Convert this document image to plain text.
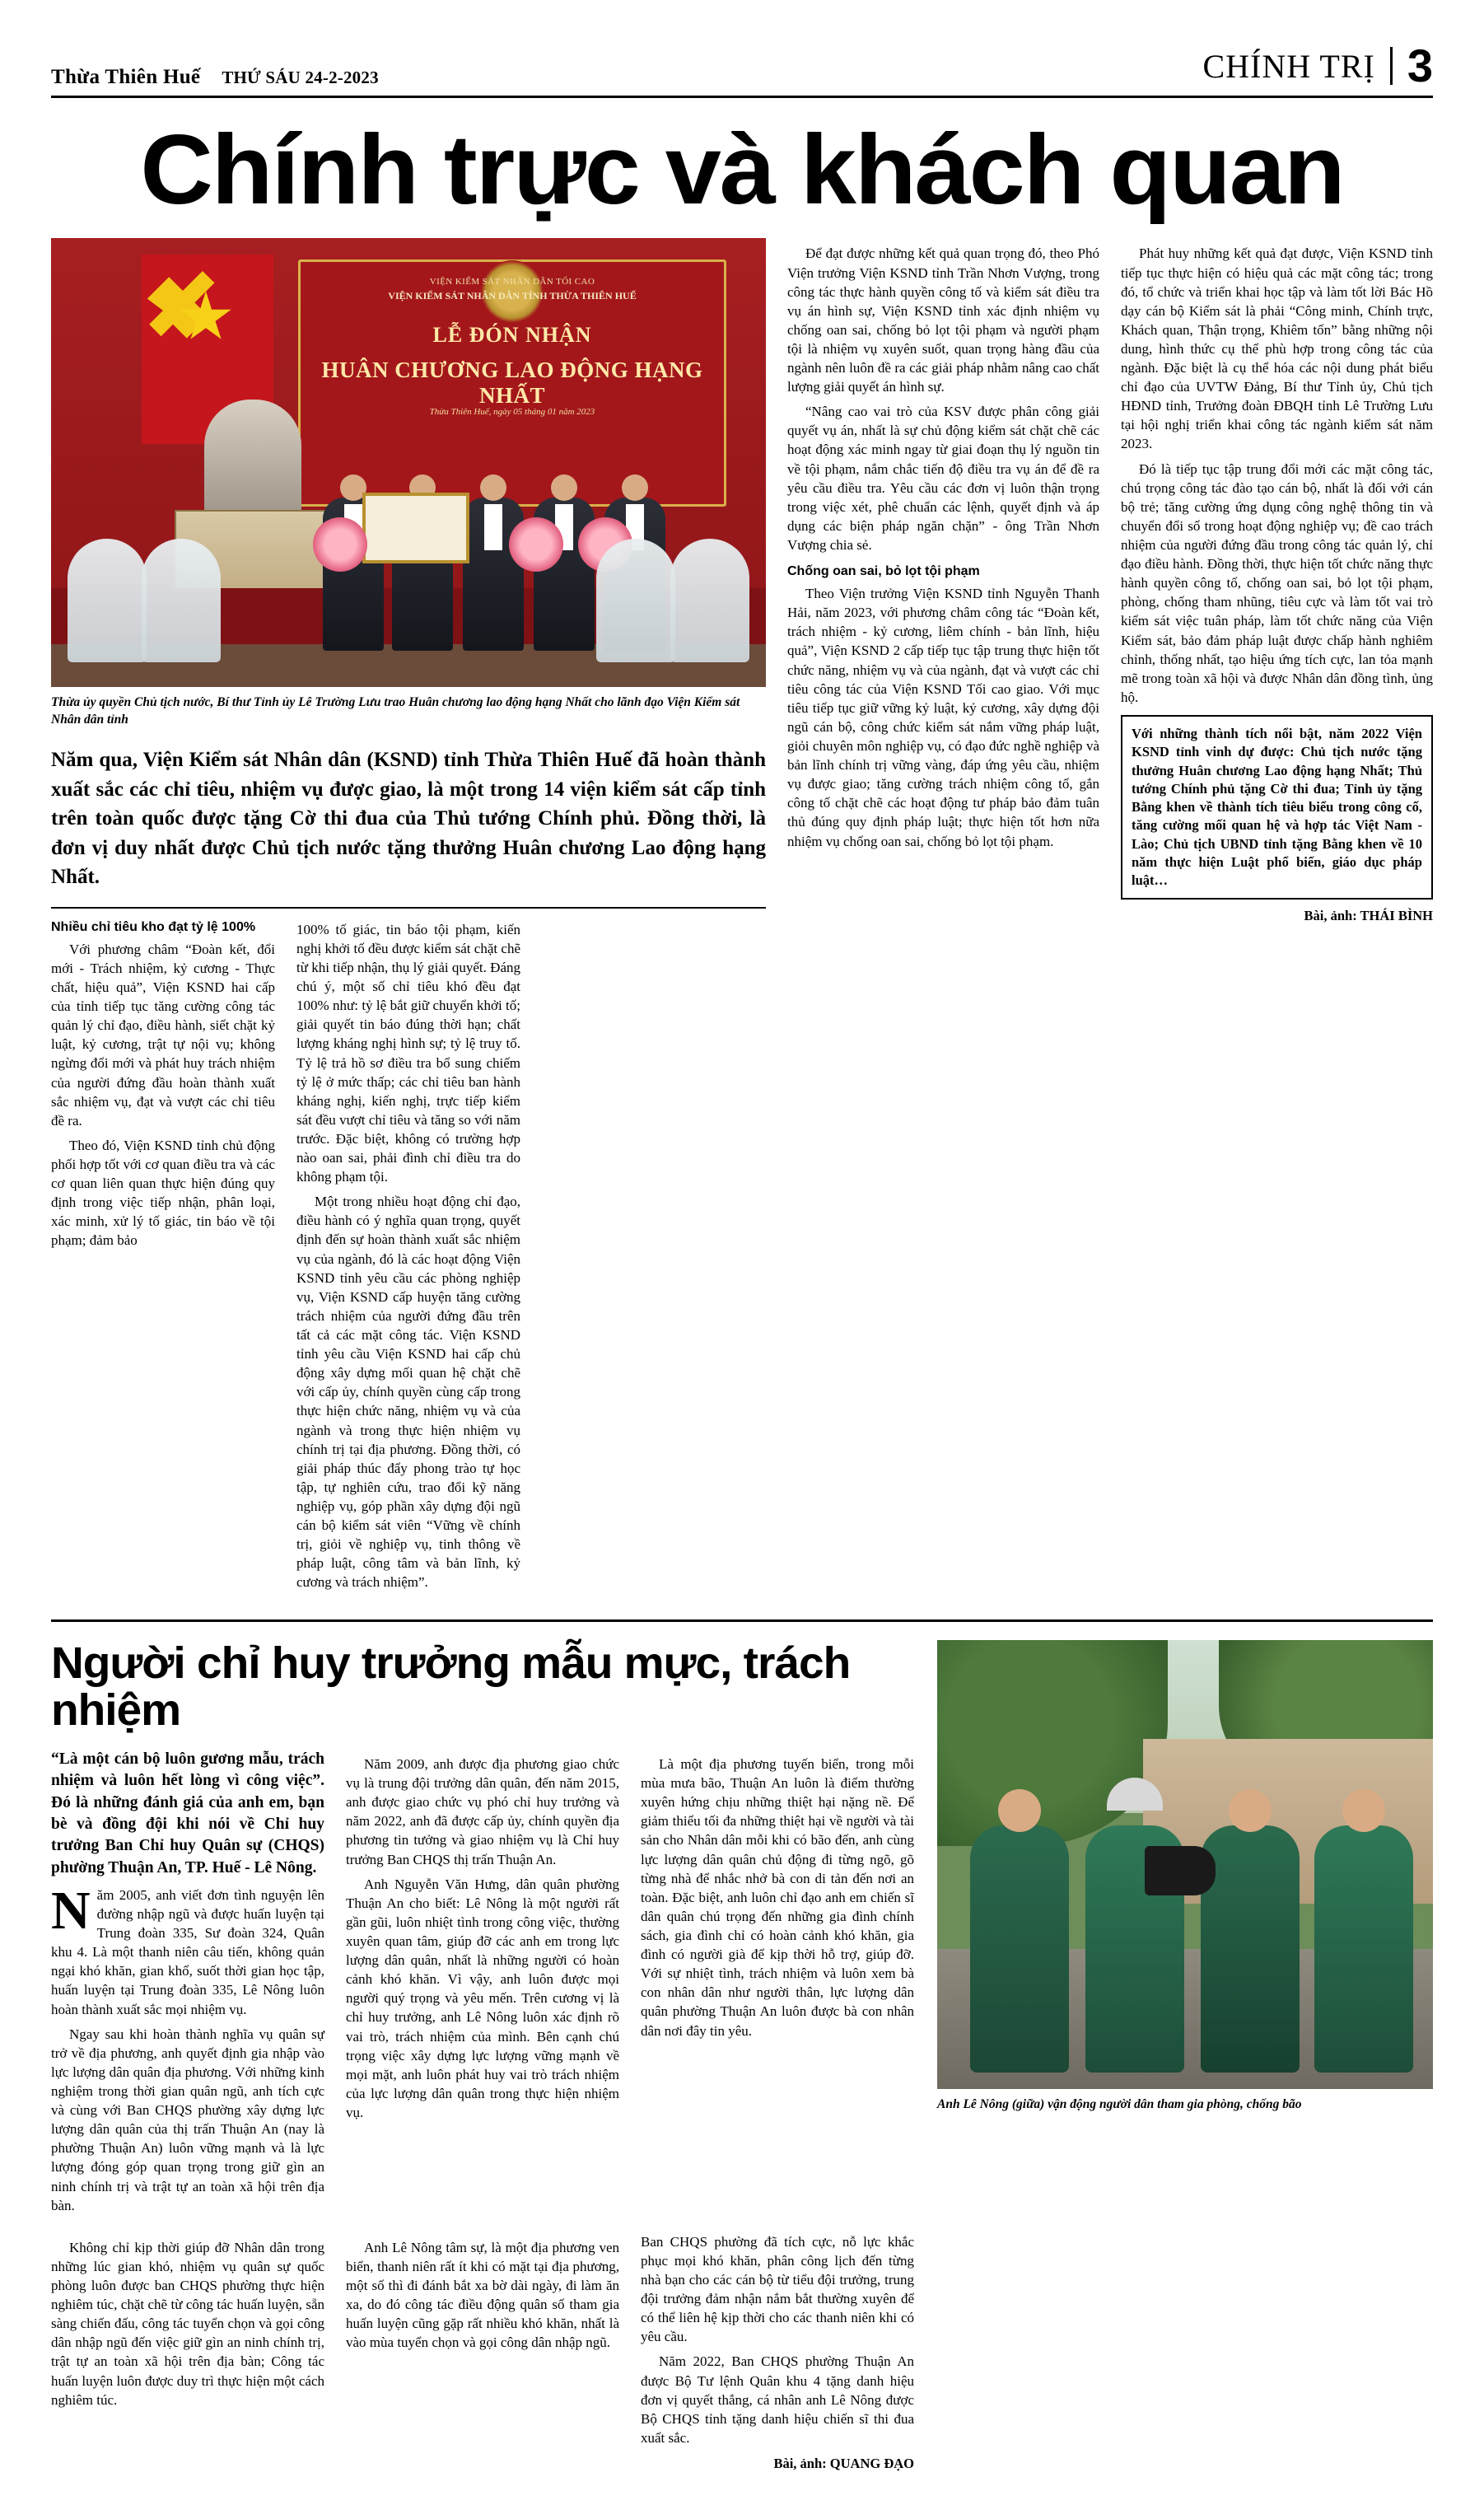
Thừa Thiên Huế THỨ SÁU 24-2-2023	CHÍNH TRỊ 3
Chính trực và khách quan
VIỆN KIỂM SÁT NHÂN DÂN TỐI CAO
VIỆN KIỂM SÁT NHÂN DÂN TỈNH THỪA THIÊN HUẾ
LỄ ĐÓN NHẬN
HUÂN CHƯƠNG LAO ĐỘNG HẠNG NHẤT
Thừa Thiên Huế, ngày 05 tháng 01 năm 2023
Thừa ủy quyền Chủ tịch nước, Bí thư Tỉnh ủy Lê Trường Lưu trao Huân chương lao động hạng Nhất cho lãnh đạo Viện Kiểm sát Nhân dân tỉnh
Năm qua, Viện Kiểm sát Nhân dân (KSND) tỉnh Thừa Thiên Huế đã hoàn thành xuất sắc các chỉ tiêu, nhiệm vụ được giao, là một trong 14 viện kiểm sát cấp tỉnh trên toàn quốc được tặng Cờ thi đua của Thủ tướng Chính phủ. Đồng thời, là đơn vị duy nhất được Chủ tịch nước tặng thưởng Huân chương Lao động hạng Nhất.
Nhiều chỉ tiêu kho đạt tỷ lệ 100%

Với phương châm “Đoàn kết, đổi mới - Trách nhiệm, kỷ cương - Thực chất, hiệu quả”, Viện KSND hai cấp của tỉnh tiếp tục tăng cường công tác quản lý chỉ đạo, điều hành, siết chặt kỷ luật, kỷ cương, trật tự nội vụ; không ngừng đổi mới và phát huy trách nhiệm của người đứng đầu hoàn thành xuất sắc nhiệm vụ, đạt và vượt các chỉ tiêu đề ra.

Theo đó, Viện KSND tỉnh chủ động phối hợp tốt với cơ quan điều tra và các cơ quan liên quan thực hiện đúng quy định trong việc tiếp nhận, phân loại, xác minh, xử lý tố giác, tin báo về tội phạm; đảm bảo

100% tố giác, tin báo tội phạm, kiến nghị khởi tố đều được kiểm sát chặt chẽ từ khi tiếp nhận, thụ lý giải quyết. Đáng chú ý, một số chỉ tiêu khó đều đạt 100% như: tỷ lệ bắt giữ chuyển khởi tố; giải quyết tin báo đúng thời hạn; chất lượng kháng nghị hình sự; tỷ lệ truy tố. Tỷ lệ trả hồ sơ điều tra bổ sung chiếm tỷ lệ ở mức thấp; các chỉ tiêu ban hành kháng nghị, kiến nghị, trực tiếp kiểm sát đều vượt chỉ tiêu và tăng so với năm trước. Đặc biệt, không có trường hợp nào oan sai, phải đình chỉ điều tra do không phạm tội.

Một trong nhiều hoạt động chỉ đạo, điều hành có ý nghĩa quan trọng, quyết định đến sự hoàn thành xuất sắc nhiệm vụ của ngành, đó là các hoạt động Viện KSND tỉnh yêu cầu các phòng nghiệp vụ, Viện KSND cấp huyện tăng cường trách nhiệm của người đứng đầu trên tất cả các mặt công tác. Viện KSND tỉnh yêu cầu Viện KSND hai cấp chủ động xây dựng mối quan hệ chặt chẽ với cấp ủy, chính quyền cùng cấp trong thực hiện chức năng, nhiệm vụ và của ngành và trong thực hiện nhiệm vụ chính trị tại địa phương. Đồng thời, có giải pháp thúc đẩy phong trào tự học tập, tự nghiên cứu, trao đổi kỹ năng nghiệp vụ, góp phần xây dựng đội ngũ cán bộ kiểm sát viên “Vững về chính trị, giỏi về nghiệp vụ, tinh thông về pháp luật, công tâm và bản lĩnh, kỷ cương và trách nhiệm”.

Để đạt được những kết quả quan trọng đó, theo Phó Viện trưởng Viện KSND tỉnh Trần Nhơn Vượng, trong công tác thực hành quyền công tố và kiểm sát điều tra vụ án hình sự, Viện KSND tỉnh xác định nhiệm vụ chống oan sai, chống bỏ lọt tội phạm và người phạm tội là nhiệm vụ xuyên suốt, quan trọng hàng đầu của ngành nên luôn đề ra các giải pháp nhằm nâng cao chất lượng giải quyết án hình sự.

“Nâng cao vai trò của KSV được phân công giải quyết vụ án, nhất là sự chủ động kiểm sát chặt chẽ các hoạt động xác minh ngay từ giai đoạn thụ lý nguồn tin về tội phạm, nắm chắc tiến độ điều tra vụ án để đề ra yêu cầu điều tra. Yêu cầu các đơn vị luôn thận trọng trong việc xét, phê chuẩn các lệnh, quyết định và áp dụng các biện pháp ngăn chặn” - ông Trần Nhơn Vượng chia sẻ.

Chống oan sai, bỏ lọt tội phạm

Theo Viện trưởng Viện KSND tỉnh Nguyễn Thanh Hải, năm 2023, với phương châm công tác “Đoàn kết, trách nhiệm - kỷ cương, liêm chính - bản lĩnh, hiệu quả”, Viện KSND 2 cấp tiếp tục tập trung thực hiện tốt chức năng, nhiệm vụ và của ngành, đạt và vượt các chỉ tiêu công tác của Viện KSND Tối cao giao. Với mục tiêu tiếp tục giữ vững kỷ luật, kỷ cương, xây dựng đội ngũ cán bộ, công chức kiểm sát nắm vững pháp luật, giỏi chuyên môn nghiệp vụ, có đạo đức nghề nghiệp và bản lĩnh chính trị vững vàng, đáp ứng yêu cầu, nhiệm vụ được giao; tăng cường trách nhiệm công tố, gắn công tố chặt chẽ các hoạt động tư pháp bảo đảm tuân thủ đúng quy định pháp luật; thực hiện tốt hơn nữa nhiệm vụ chống oan sai, chống bỏ lọt tội phạm.

Phát huy những kết quả đạt được, Viện KSND tỉnh tiếp tục thực hiện có hiệu quả các mặt công tác; trong đó, tổ chức và triển khai học tập và làm tốt lời Bác Hồ dạy cán bộ Kiểm sát là phải “Công minh, Chính trực, Khách quan, Thận trọng, Khiêm tốn” bằng những nội dung, hình thức cụ thể phù hợp trong công tác của ngành. Đặc biệt là cụ thể hóa các nội dung phát biểu chỉ đạo của UVTW Đảng, Bí thư Tỉnh ủy, Chủ tịch HĐND tỉnh, Trưởng đoàn ĐBQH tỉnh Lê Trường Lưu tại hội nghị triển khai công tác ngành kiểm sát năm 2023.

Đó là tiếp tục tập trung đổi mới các mặt công tác, chú trọng công tác đào tạo cán bộ, nhất là đối với cán bộ trẻ; tăng cường ứng dụng công nghệ thông tin và chuyển đổi số trong hoạt động nghiệp vụ; đề cao trách nhiệm của người đứng đầu trong công tác quản lý, chỉ đạo điều hành. Đồng thời, thực hiện tốt chức năng thực hành quyền công tố, chống oan sai, bỏ lọt tội phạm, phòng, chống tham nhũng, tiêu cực và làm tốt vai trò kiểm sát việc tuân pháp, làm tốt chức năng của Viện Kiểm sát, bảo đảm pháp luật được chấp hành nghiêm chỉnh, thống nhất, tạo hiệu ứng tích cực, lan tỏa mạnh mẽ trong toàn xã hội và được Nhân dân đồng tình, ủng hộ.

Với những thành tích nổi bật, năm 2022 Viện KSND tỉnh vinh dự được: Chủ tịch nước tặng thưởng Huân chương Lao động hạng Nhất; Thủ tướng Chính phủ tặng Cờ thi đua; Tỉnh ủy tặng Bằng khen về thành tích tiêu biểu trong công cố, tăng cường mối quan hệ và hợp tác Việt Nam - Lào; Chủ tịch UBND tỉnh tặng Bằng khen về 10 năm thực hiện Luật phổ biến, giáo dục pháp luật…
Bài, ảnh: THÁI BÌNH
Người chỉ huy trưởng mẫu mực, trách nhiệm
“Là một cán bộ luôn gương mẫu, trách nhiệm và luôn hết lòng vì công việc”. Đó là những đánh giá của anh em, bạn bè và đồng đội khi nói về Chỉ huy trưởng Ban Chỉ huy Quân sự (CHQS) phường Thuận An, TP. Huế - Lê Nông.

Năm 2005, anh viết đơn tình nguyện lên đường nhập ngũ và được huấn luyện tại Trung đoàn 335, Sư đoàn 324, Quân khu 4. Là một thanh niên câu tiến, không quản ngại khó khăn, gian khổ, suốt thời gian học tập, huấn luyện tại Trung đoàn 335, Lê Nông luôn hoàn thành xuất sắc mọi nhiệm vụ.

Ngay sau khi hoàn thành nghĩa vụ quân sự trở về địa phương, anh quyết định gia nhập vào lực lượng dân quân địa phương. Với những kinh nghiệm trong thời gian quân ngũ, anh tích cực và cùng với Ban CHQS phường xây dựng lực lượng dân quân của thị trấn Thuận An (nay là phường Thuận An) luôn vững mạnh và là lực lượng đóng góp quan trọng trong giữ gìn an ninh chính trị và trật tự an toàn xã hội trên địa bàn.

Năm 2009, anh được địa phương giao chức vụ là trung đội trưởng dân quân, đến năm 2015, anh được giao chức vụ phó chỉ huy trưởng và năm 2022, anh đã được cấp ủy, chính quyền địa phương tin tưởng và giao nhiệm vụ là Chỉ huy trưởng Ban CHQS thị trấn Thuận An.

Anh Nguyễn Văn Hưng, dân quân phường Thuận An cho biết: Lê Nông là một người rất gần gũi, luôn nhiệt tình trong công việc, thường xuyên quan tâm, giúp đỡ các anh em trong lực lượng dân quân, nhất là những người có hoàn cảnh khó khăn. Vì vậy, anh luôn được mọi người quý trọng và yêu mến. Trên cương vị là chỉ huy trưởng, anh Lê Nông luôn xác định rõ vai trò, trách nhiệm của mình. Bên cạnh chú trọng việc xây dựng lực lượng vững mạnh về mọi mặt, anh luôn phát huy vai trò trách nhiệm của lực lượng dân quân trong thực hiện nhiệm vụ.

Là một địa phương tuyến biển, trong mỗi mùa mưa bão, Thuận An luôn là điểm thường xuyên hứng chịu những thiệt hại nặng nề. Để giảm thiểu tối đa những thiệt hại về người và tài sản cho Nhân dân mỗi khi có bão đến, anh cùng lực lượng dân quân chủ động đi từng ngõ, gõ từng nhà để nhắc nhở bà con di tản đến nơi an toàn. Đặc biệt, anh luôn chỉ đạo anh em chiến sĩ dân quân chú trọng đến những gia đình chính sách, gia đình chỉ có hoàn cảnh khó khăn, gia đình có người già để kịp thời hỗ trợ, giúp đỡ. Với sự nhiệt tình, trách nhiệm và luôn xem bà con nhân dân như người thân, lực lượng dân quân phường Thuận An luôn được bà con nhân dân nơi đây tin yêu.

Anh Lê Nông (giữa) vận động người dân tham gia phòng, chống bão

Không chỉ kịp thời giúp đỡ Nhân dân trong những lúc gian khó, nhiệm vụ quân sự quốc phòng luôn được ban CHQS phường thực hiện nghiêm túc, chặt chẽ từ công tác huấn luyện, sẵn sàng chiến đấu, công tác tuyển chọn và gọi công dân nhập ngũ đến việc giữ gìn an ninh chính trị, trật tự an toàn xã hội trên địa bàn; Công tác huấn luyện luôn được duy trì thực hiện một cách nghiêm túc.

Anh Lê Nông tâm sự, là một địa phương ven biển, thanh niên rất ít khi có mặt tại địa phương, một số thì đi đánh bắt xa bờ dài ngày, đi làm ăn xa, do đó công tác điều động quân số tham gia huấn luyện cũng gặp rất nhiều khó khăn, nhất là vào mùa tuyển chọn và gọi công dân nhập ngũ.

Ban CHQS phường đã tích cực, nỗ lực khắc phục mọi khó khăn, phân công lịch đến từng nhà bạn cho các cán bộ từ tiểu đội trưởng, trung đội trưởng đảm nhận nắm bắt thường xuyên để có thể liên hệ kịp thời cho các thanh niên khi có yêu cầu.

Năm 2022, Ban CHQS phường Thuận An được Bộ Tư lệnh Quân khu 4 tặng danh hiệu đơn vị quyết thắng, cá nhân anh Lê Nông được Bộ CHQS tỉnh tặng danh hiệu chiến sĩ thi đua xuất sắc.

Bài, ảnh: QUANG ĐẠO
